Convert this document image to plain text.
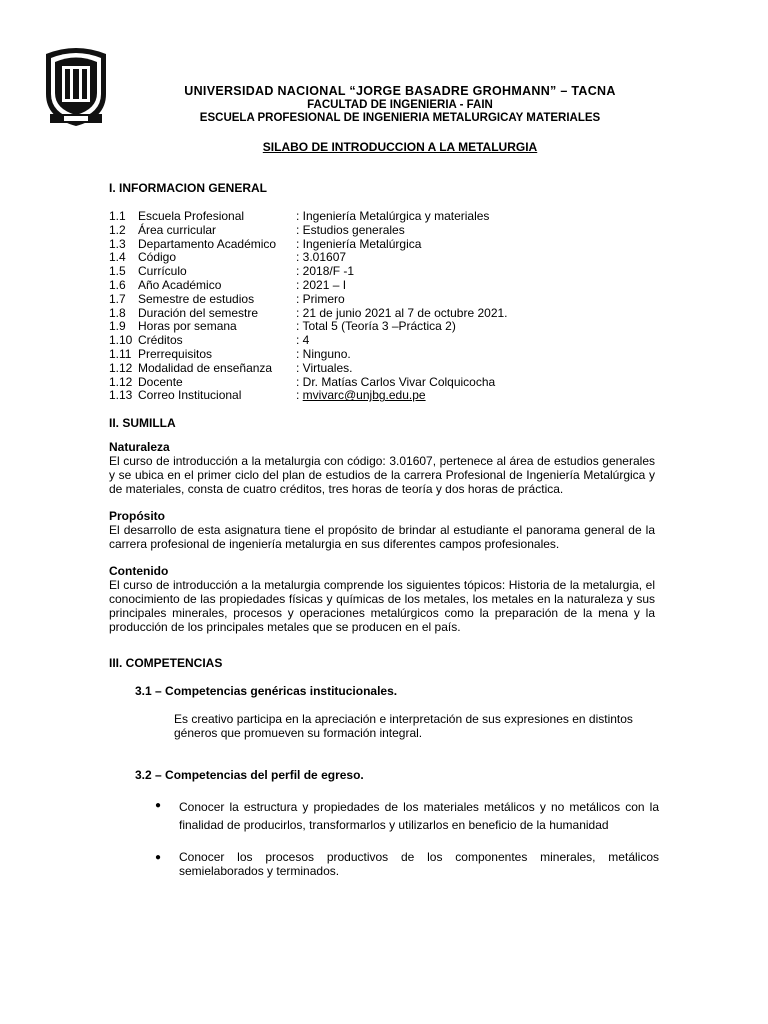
UNIVERSIDAD NACIONAL “JORGE BASADRE GROHMANN” – TACNA
FACULTAD DE INGENIERIA - FAIN
ESCUELA PROFESIONAL DE INGENIERIA METALURGICAY MATERIALES
SILABO DE INTRODUCCION A LA METALURGIA
I. INFORMACION GENERAL
1.1	Escuela Profesional	: Ingeniería Metalúrgica y materiales
1.2	Área curricular	: Estudios generales
1.3	Departamento Académico	: Ingeniería Metalúrgica
1.4	Código	: 3.01607
1.5	Currículo	: 2018/F -1
1.6	Año Académico	: 2021 – I
1.7	Semestre de estudios	: Primero
1.8	Duración del semestre	: 21 de junio 2021 al 7 de octubre 2021.
1.9	Horas por semana	: Total 5 (Teoría 3 –Práctica 2)
1.10 Créditos	: 4
1.11 Prerrequisitos	: Ninguno.
1.12 Modalidad de enseñanza	: Virtuales.
1.12 Docente	: Dr. Matías Carlos Vivar Colquicocha
1.13 Correo Institucional	: mvivarc@unjbg.edu.pe
II. SUMILLA
Naturaleza
El curso de introducción a la metalurgia con código: 3.01607, pertenece al área de estudios generales y se ubica en el primer ciclo del plan de estudios de la carrera Profesional de Ingeniería Metalúrgica y de materiales, consta de cuatro créditos, tres horas de teoría y dos horas de práctica.
Propósito
El desarrollo de esta asignatura tiene el propósito de brindar al estudiante el panorama general de la carrera profesional de ingeniería metalurgia en sus diferentes campos profesionales.
Contenido
El curso de introducción a la metalurgia comprende los siguientes tópicos: Historia de la metalurgia, el conocimiento de las propiedades físicas y químicas de los metales, los metales en la naturaleza y sus principales minerales, procesos y operaciones metalúrgicos como la preparación de la mena y la producción de los principales metales que se producen en el país.
III. COMPETENCIAS
3.1 – Competencias genéricas institucionales.
Es creativo participa en la apreciación e interpretación de sus expresiones en distintos géneros que promueven su formación integral.
3.2 – Competencias del perfil de egreso.
●	Conocer la estructura y propiedades de los materiales metálicos y no metálicos con la finalidad de producirlos, transformarlos y utilizarlos en beneficio de la humanidad
●	Conocer los procesos productivos de los componentes minerales, metálicos semielaborados y terminados.
